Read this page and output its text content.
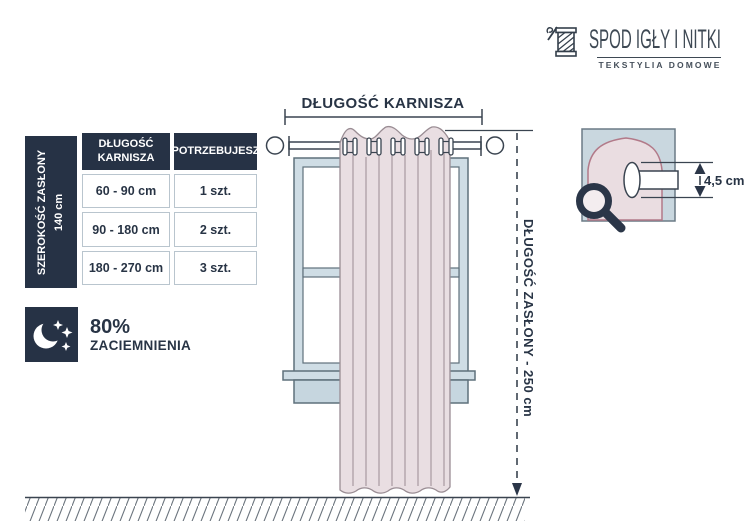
DŁUGOŚĆ KARNISZA
DŁUGOŚĆ ZASŁONY - 250 cm
4,5 cm
SPOD IGŁY I NITKI
TEKSTYLIA DOMOWE
SZEROKOŚĆ ZASŁONY 140 cm
DŁUGOŚĆ KARNISZA
POTRZEBUJESZ
60 - 90 cm	1 szt.
90 - 180 cm	2 szt.
180 - 270 cm	3 szt.
80%
ZACIEMNIENIA
